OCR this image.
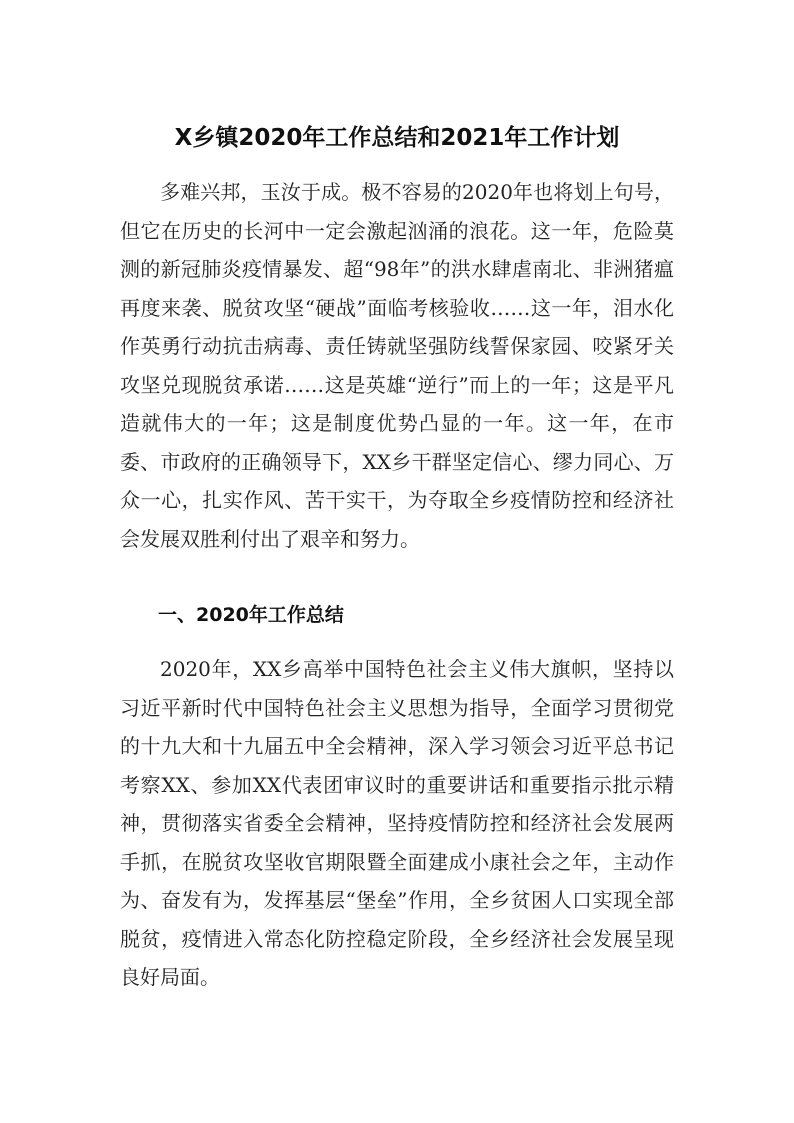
X乡镇2020年工作总结和2021年工作计划

多难兴邦，玉汝于成。极不容易的2020年也将划上句号，但它在历史的长河中一定会激起汹涌的浪花。这一年，危险莫测的新冠肺炎疫情暴发、超“98年”的洪水肆虐南北、非洲猪瘟再度来袭、脱贫攻坚“硬战”面临考核验收……这一年，泪水化作英勇行动抗击病毒、责任铸就坚强防线誓保家园、咬紧牙关攻坚兑现脱贫承诺……这是英雄“逆行”而上的一年；这是平凡造就伟大的一年；这是制度优势凸显的一年。这一年，在市委、市政府的正确领导下，XX乡干群坚定信心、缪力同心、万众一心，扎实作风、苦干实干，为夺取全乡疫情防控和经济社会发展双胜利付出了艰辛和努力。

一、2020年工作总结

2020年，XX乡高举中国特色社会主义伟大旗帜，坚持以习近平新时代中国特色社会主义思想为指导，全面学习贯彻党的十九大和十九届五中全会精神，深入学习领会习近平总书记考察XX、参加XX代表团审议时的重要讲话和重要指示批示精神，贯彻落实省委全会精神，坚持疫情防控和经济社会发展两手抓，在脱贫攻坚收官期限暨全面建成小康社会之年，主动作为、奋发有为，发挥基层“堡垒”作用，全乡贫困人口实现全部脱贫，疫情进入常态化防控稳定阶段，全乡经济社会发展呈现良好局面。
